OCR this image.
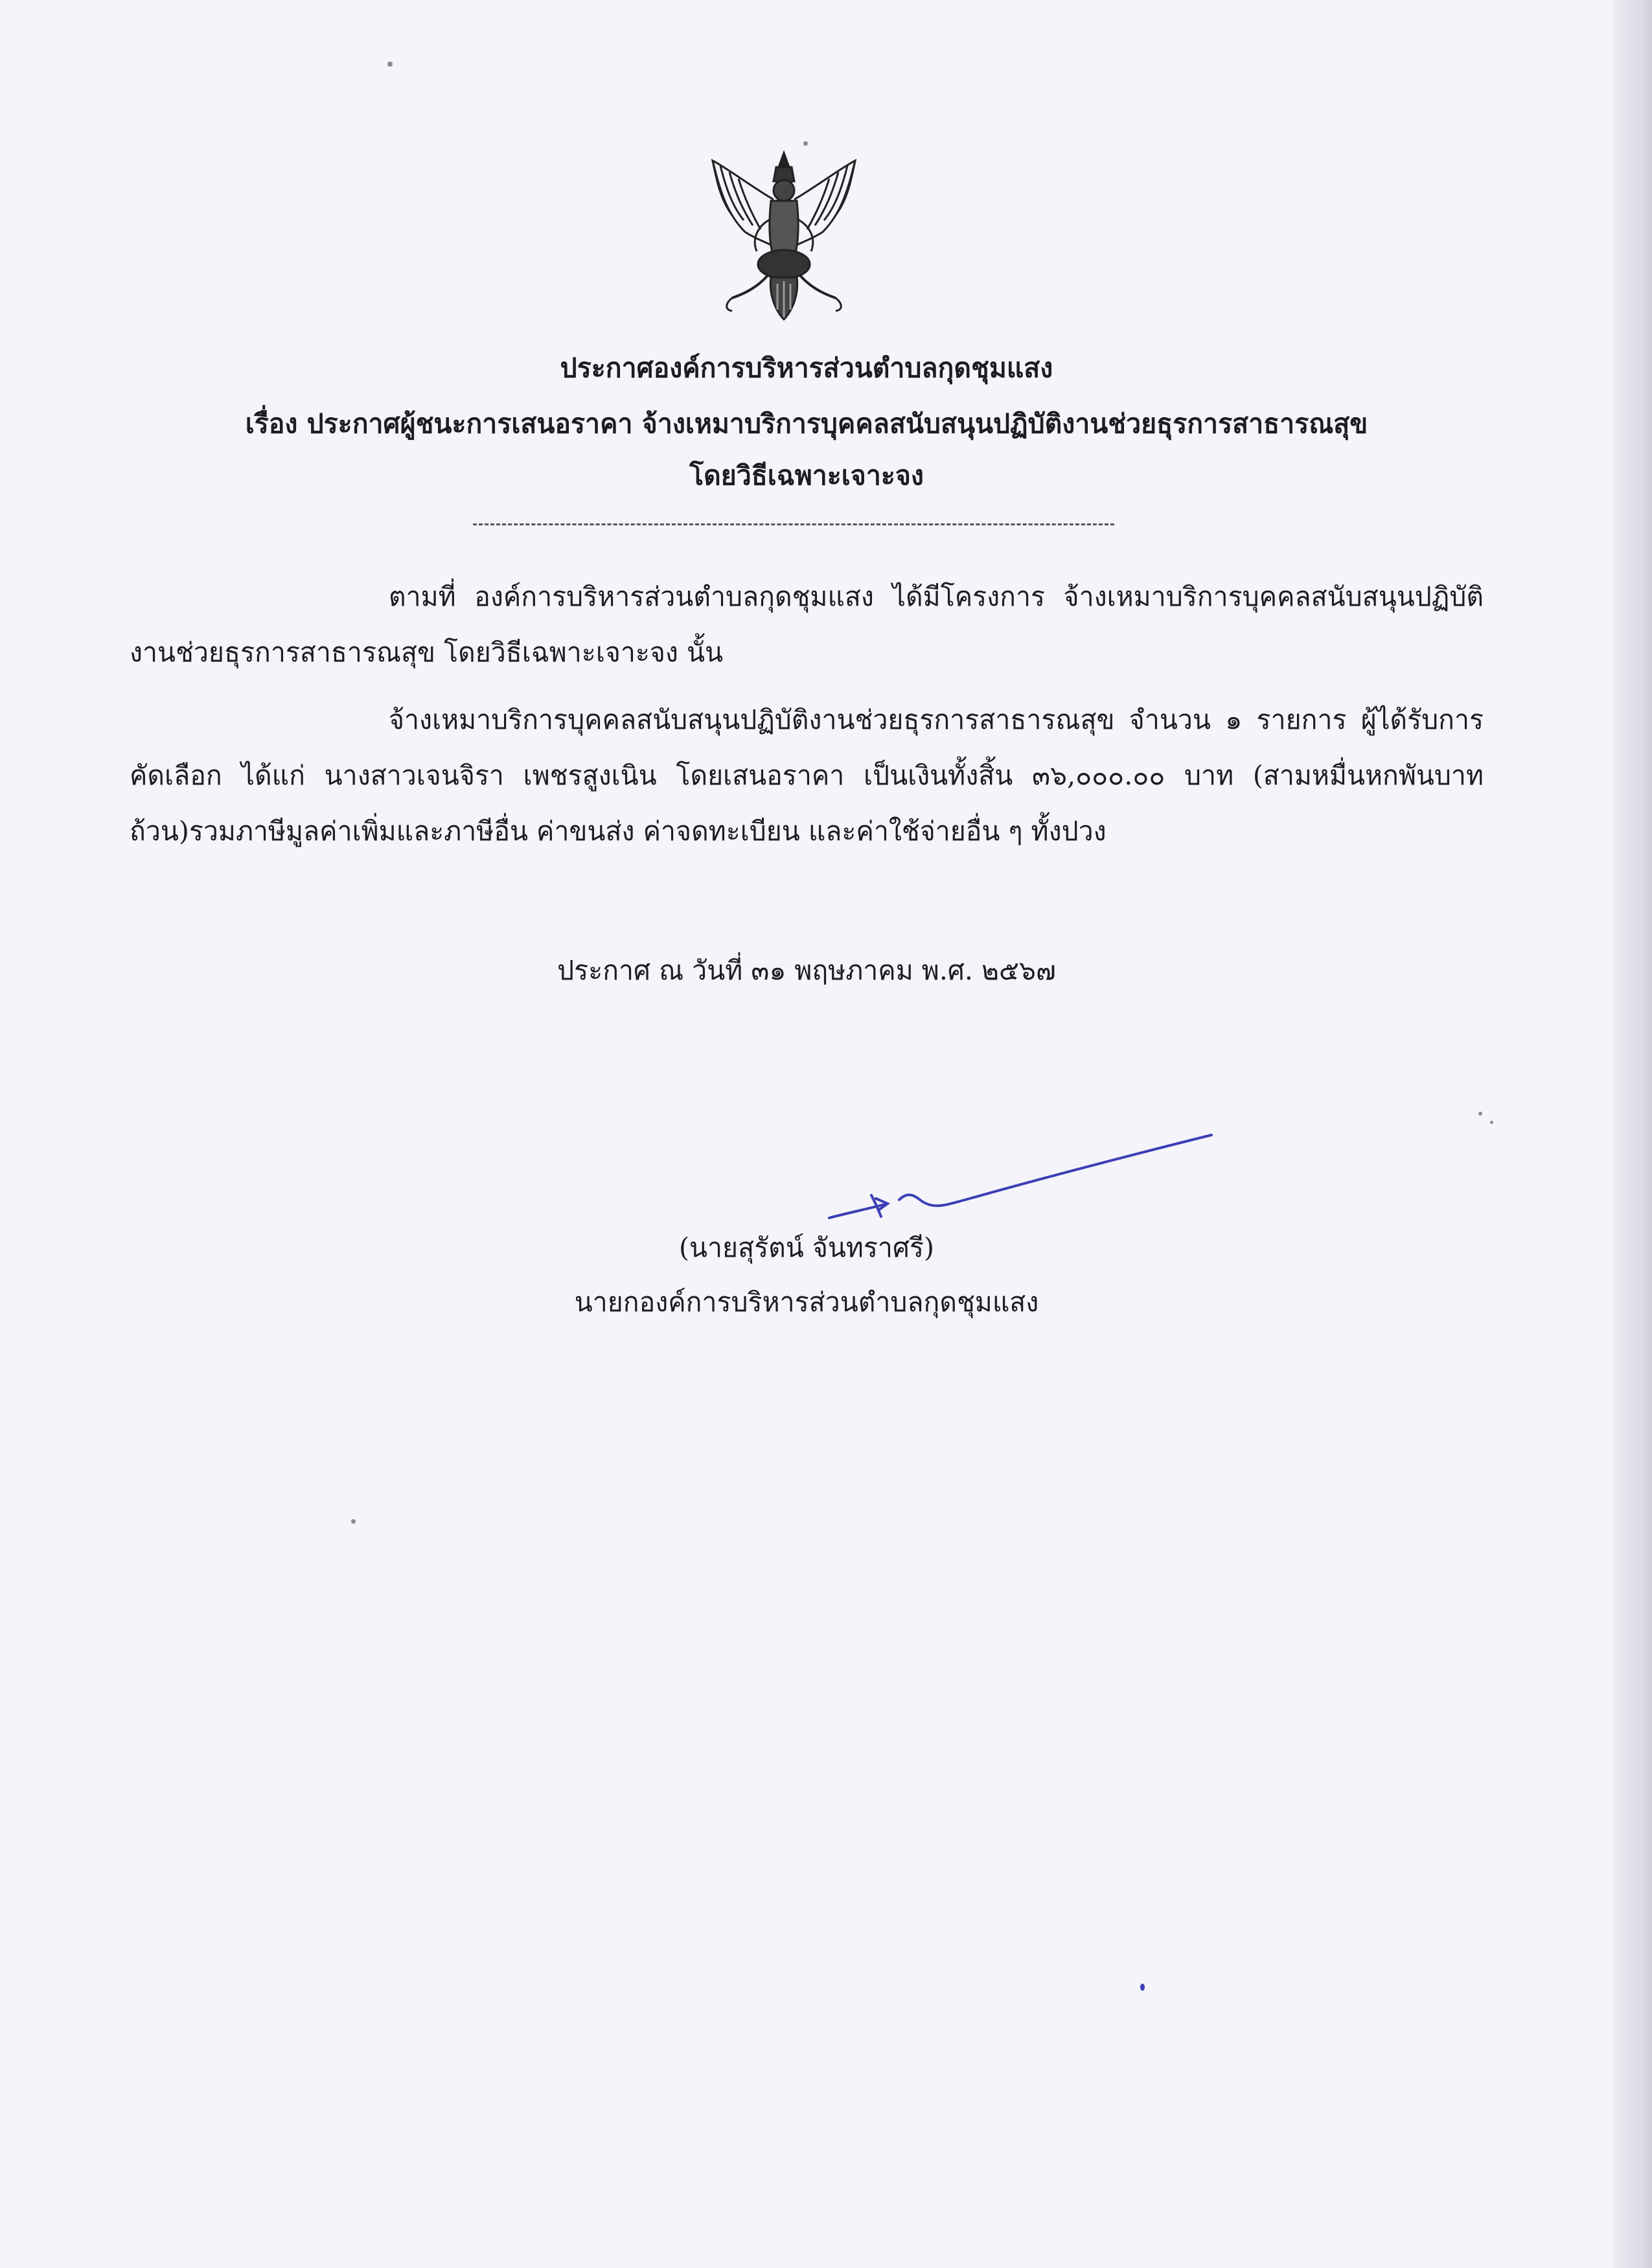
ประกาศองค์การบริหารส่วนตำบลกุดชุมแสง
เรื่อง ประกาศผู้ชนะการเสนอราคา จ้างเหมาบริการบุคคลสนับสนุนปฏิบัติงานช่วยธุรการสาธารณสุข
โดยวิธีเฉพาะเจาะจง
ตามที่ องค์การบริหารส่วนตำบลกุดชุมแสง ได้มีโครงการ จ้างเหมาบริการบุคคลสนับสนุนปฏิบัติงานช่วยธุรการสาธารณสุข โดยวิธีเฉพาะเจาะจง นั้น
จ้างเหมาบริการบุคคลสนับสนุนปฏิบัติงานช่วยธุรการสาธารณสุข จำนวน ๑ รายการ ผู้ได้รับการคัดเลือก ได้แก่ นางสาวเจนจิรา เพชรสูงเนิน โดยเสนอราคา เป็นเงินทั้งสิ้น ๓๖,๐๐๐.๐๐ บาท (สามหมื่นหกพันบาทถ้วน)รวมภาษีมูลค่าเพิ่มและภาษีอื่น ค่าขนส่ง ค่าจดทะเบียน และค่าใช้จ่ายอื่น ๆ ทั้งปวง
ประกาศ ณ วันที่ ๓๑ พฤษภาคม พ.ศ. ๒๕๖๗
(นายสุรัตน์ จันทราศรี)
นายกองค์การบริหารส่วนตำบลกุดชุมแสง
